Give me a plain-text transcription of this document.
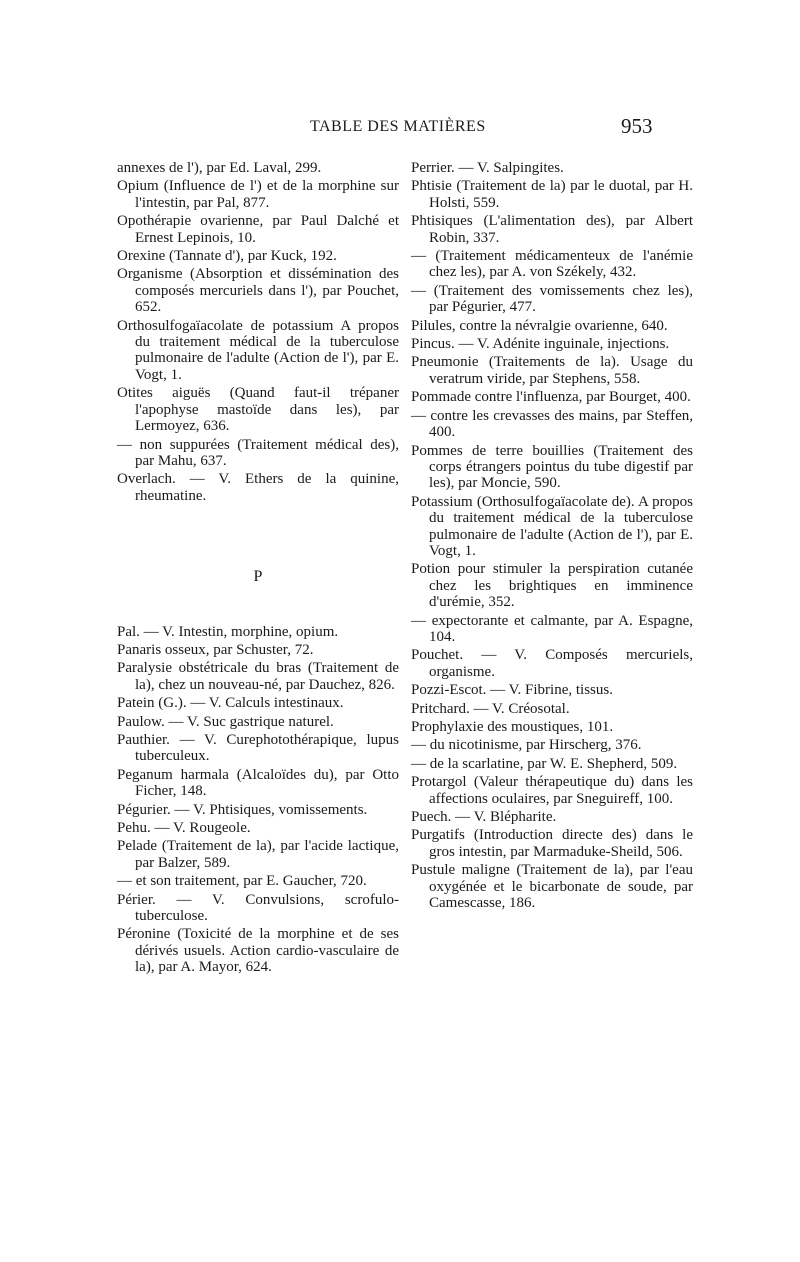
TABLE DES MATIÈRES	953
annexes de l'), par Ed. Laval, 299.
Opium (Influence de l') et de la morphine sur l'intestin, par Pal, 877.
Opothérapie ovarienne, par Paul Dalché et Ernest Lepinois, 10.
Orexine (Tannate d'), par Kuck, 192.
Organisme (Absorption et dissémination des composés mercuriels dans l'), par Pouchet, 652.
Orthosulfogaïacolate de potassium A propos du traitement médical de la tuberculose pulmonaire de l'adulte (Action de l'), par E. Vogt, 1.
Otites aiguës (Quand faut-il trépaner l'apophyse mastoïde dans les), par Lermoyez, 636.
— non suppurées (Traitement médical des), par Mahu, 637.
Overlach. — V. Ethers de la quinine, rheumatine.
P
Pal. — V. Intestin, morphine, opium.
Panaris osseux, par Schuster, 72.
Paralysie obstétricale du bras (Traitement de la), chez un nouveau-né, par Dauchez, 826.
Patein (G.). — V. Calculs intestinaux.
Paulow. — V. Suc gastrique naturel.
Pauthier. — V. Curephotothérapique, lupus tuberculeux.
Peganum harmala (Alcaloïdes du), par Otto Ficher, 148.
Pégurier. — V. Phtisiques, vomissements.
Pehu. — V. Rougeole.
Pelade (Traitement de la), par l'acide lactique, par Balzer, 589.
— et son traitement, par E. Gaucher, 720.
Périer. — V. Convulsions, scrofulo-tuberculose.
Péronine (Toxicité de la morphine et de ses dérivés usuels. Action cardio-vasculaire de la), par A. Mayor, 624.
Perrier. — V. Salpingites.
Phtisie (Traitement de la) par le duotal, par H. Holsti, 559.
Phtisiques (L'alimentation des), par Albert Robin, 337.
— (Traitement médicamenteux de l'anémie chez les), par A. von Székely, 432.
— (Traitement des vomissements chez les), par Pégurier, 477.
Pilules, contre la névralgie ovarienne, 640.
Pincus. — V. Adénite inguinale, injections.
Pneumonie (Traitements de la). Usage du veratrum viride, par Stephens, 558.
Pommade contre l'influenza, par Bourget, 400.
— contre les crevasses des mains, par Steffen, 400.
Pommes de terre bouillies (Traitement des corps étrangers pointus du tube digestif par les), par Moncie, 590.
Potassium (Orthosulfogaïacolate de). A propos du traitement médical de la tuberculose pulmonaire de l'adulte (Action de l'), par E. Vogt, 1.
Potion pour stimuler la perspiration cutanée chez les brightiques en imminence d'urémie, 352.
— expectorante et calmante, par A. Espagne, 104.
Pouchet. — V. Composés mercuriels, organisme.
Pozzi-Escot. — V. Fibrine, tissus.
Pritchard. — V. Créosotal.
Prophylaxie des moustiques, 101.
— du nicotinisme, par Hirscherg, 376.
— de la scarlatine, par W. E. Shepherd, 509.
Protargol (Valeur thérapeutique du) dans les affections oculaires, par Sneguireff, 100.
Puech. — V. Blépharite.
Purgatifs (Introduction directe des) dans le gros intestin, par Marmaduke-Sheild, 506.
Pustule maligne (Traitement de la), par l'eau oxygénée et le bicarbonate de soude, par Camescasse, 186.
